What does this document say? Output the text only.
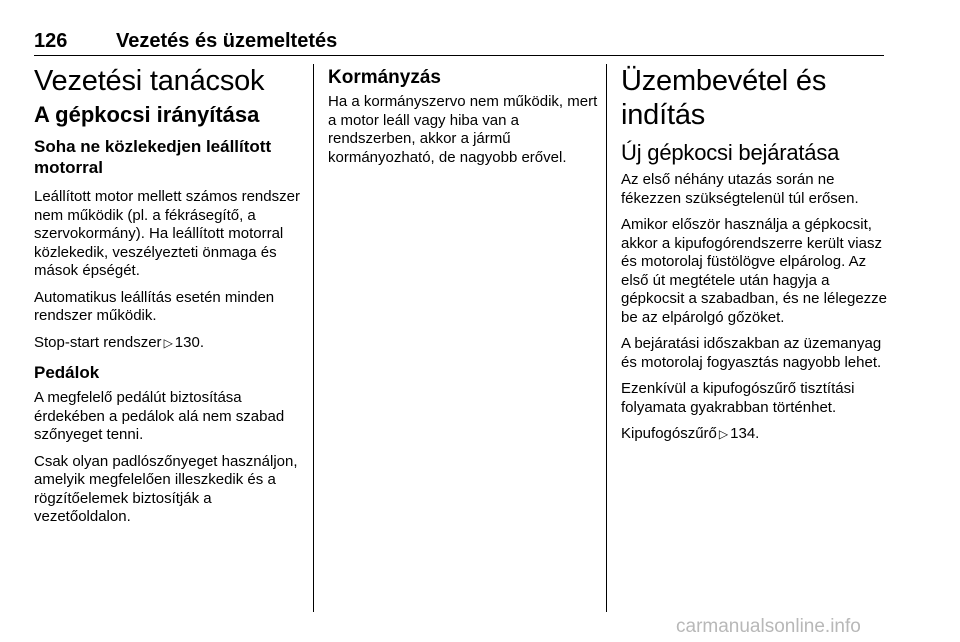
126 Vezetés és üzemeltetés
Vezetési tanácsok
A gépkocsi irányítása
Soha ne közlekedjen leállított motorral

Leállított motor mellett számos rendszer nem működik (pl. a fékrásegítő, a szervokormány). Ha leállított motorral közlekedik, veszélyezteti önmaga és mások épségét.

Automatikus leállítás esetén minden rendszer működik.

Stop-start rendszer ▷ 130.

Pedálok

A megfelelő pedálút biztosítása érdekében a pedálok alá nem szabad szőnyeget tenni.

Csak olyan padlószőnyeget használjon, amelyik megfelelően illeszkedik és a rögzítőelemek biztosítják a vezetőoldalon.

Kormányzás

Ha a kormányszervo nem működik, mert a motor leáll vagy hiba van a rendszerben, akkor a jármű kormányozható, de nagyobb erővel.

Üzembevétel és indítás
Új gépkocsi bejáratása

Az első néhány utazás során ne fékezzen szükségtelenül túl erősen.

Amikor először használja a gépkocsit, akkor a kipufogórendszerre került viasz és motorolaj füstölögve elpárolog. Az első út megtétele után hagyja a gépkocsit a szabadban, és ne lélegezze be az elpárolgó gőzöket.

A bejáratási időszakban az üzemanyag és motorolaj fogyasztás nagyobb lehet.

Ezenkívül a kipufogószűrő tisztítási folyamata gyakrabban történhet.

Kipufogószűrő ▷ 134.

carmanualsonline.info
